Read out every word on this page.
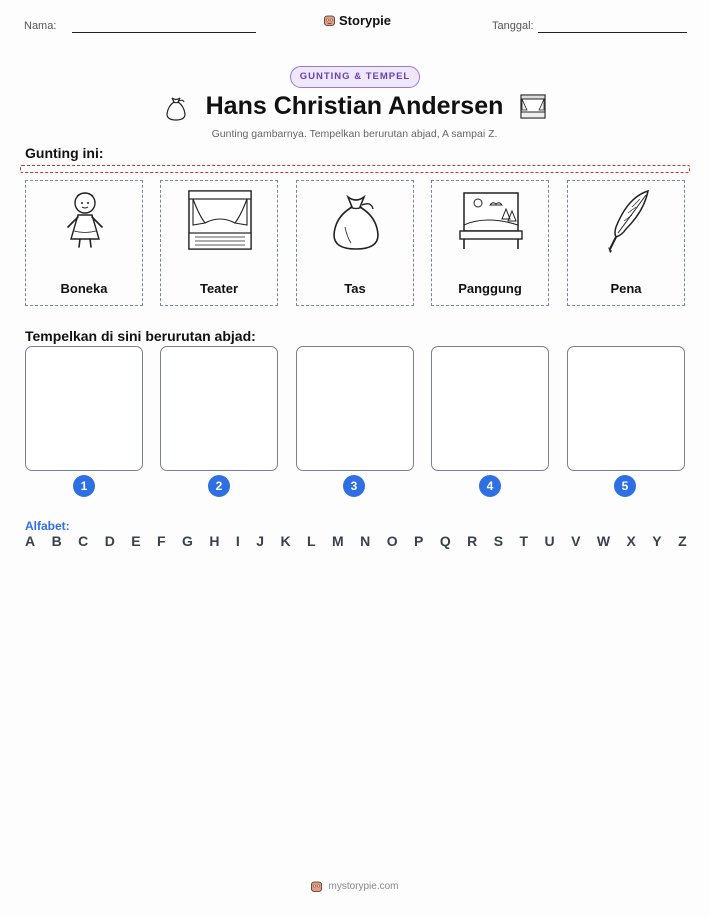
Nama:	Storypie	Tanggal:
GUNTING & TEMPEL
Hans Christian Andersen
Gunting gambarnya. Tempelkan berurutan abjad, A sampai Z.
Gunting ini:
Boneka	Teater	Tas	Panggung	Pena
Tempelkan di sini berurutan abjad:
1	2	3	4	5
Alfabet:
A B C D E F G H I J K L M N O P Q R S T U V W X Y Z
mystorypie.com
